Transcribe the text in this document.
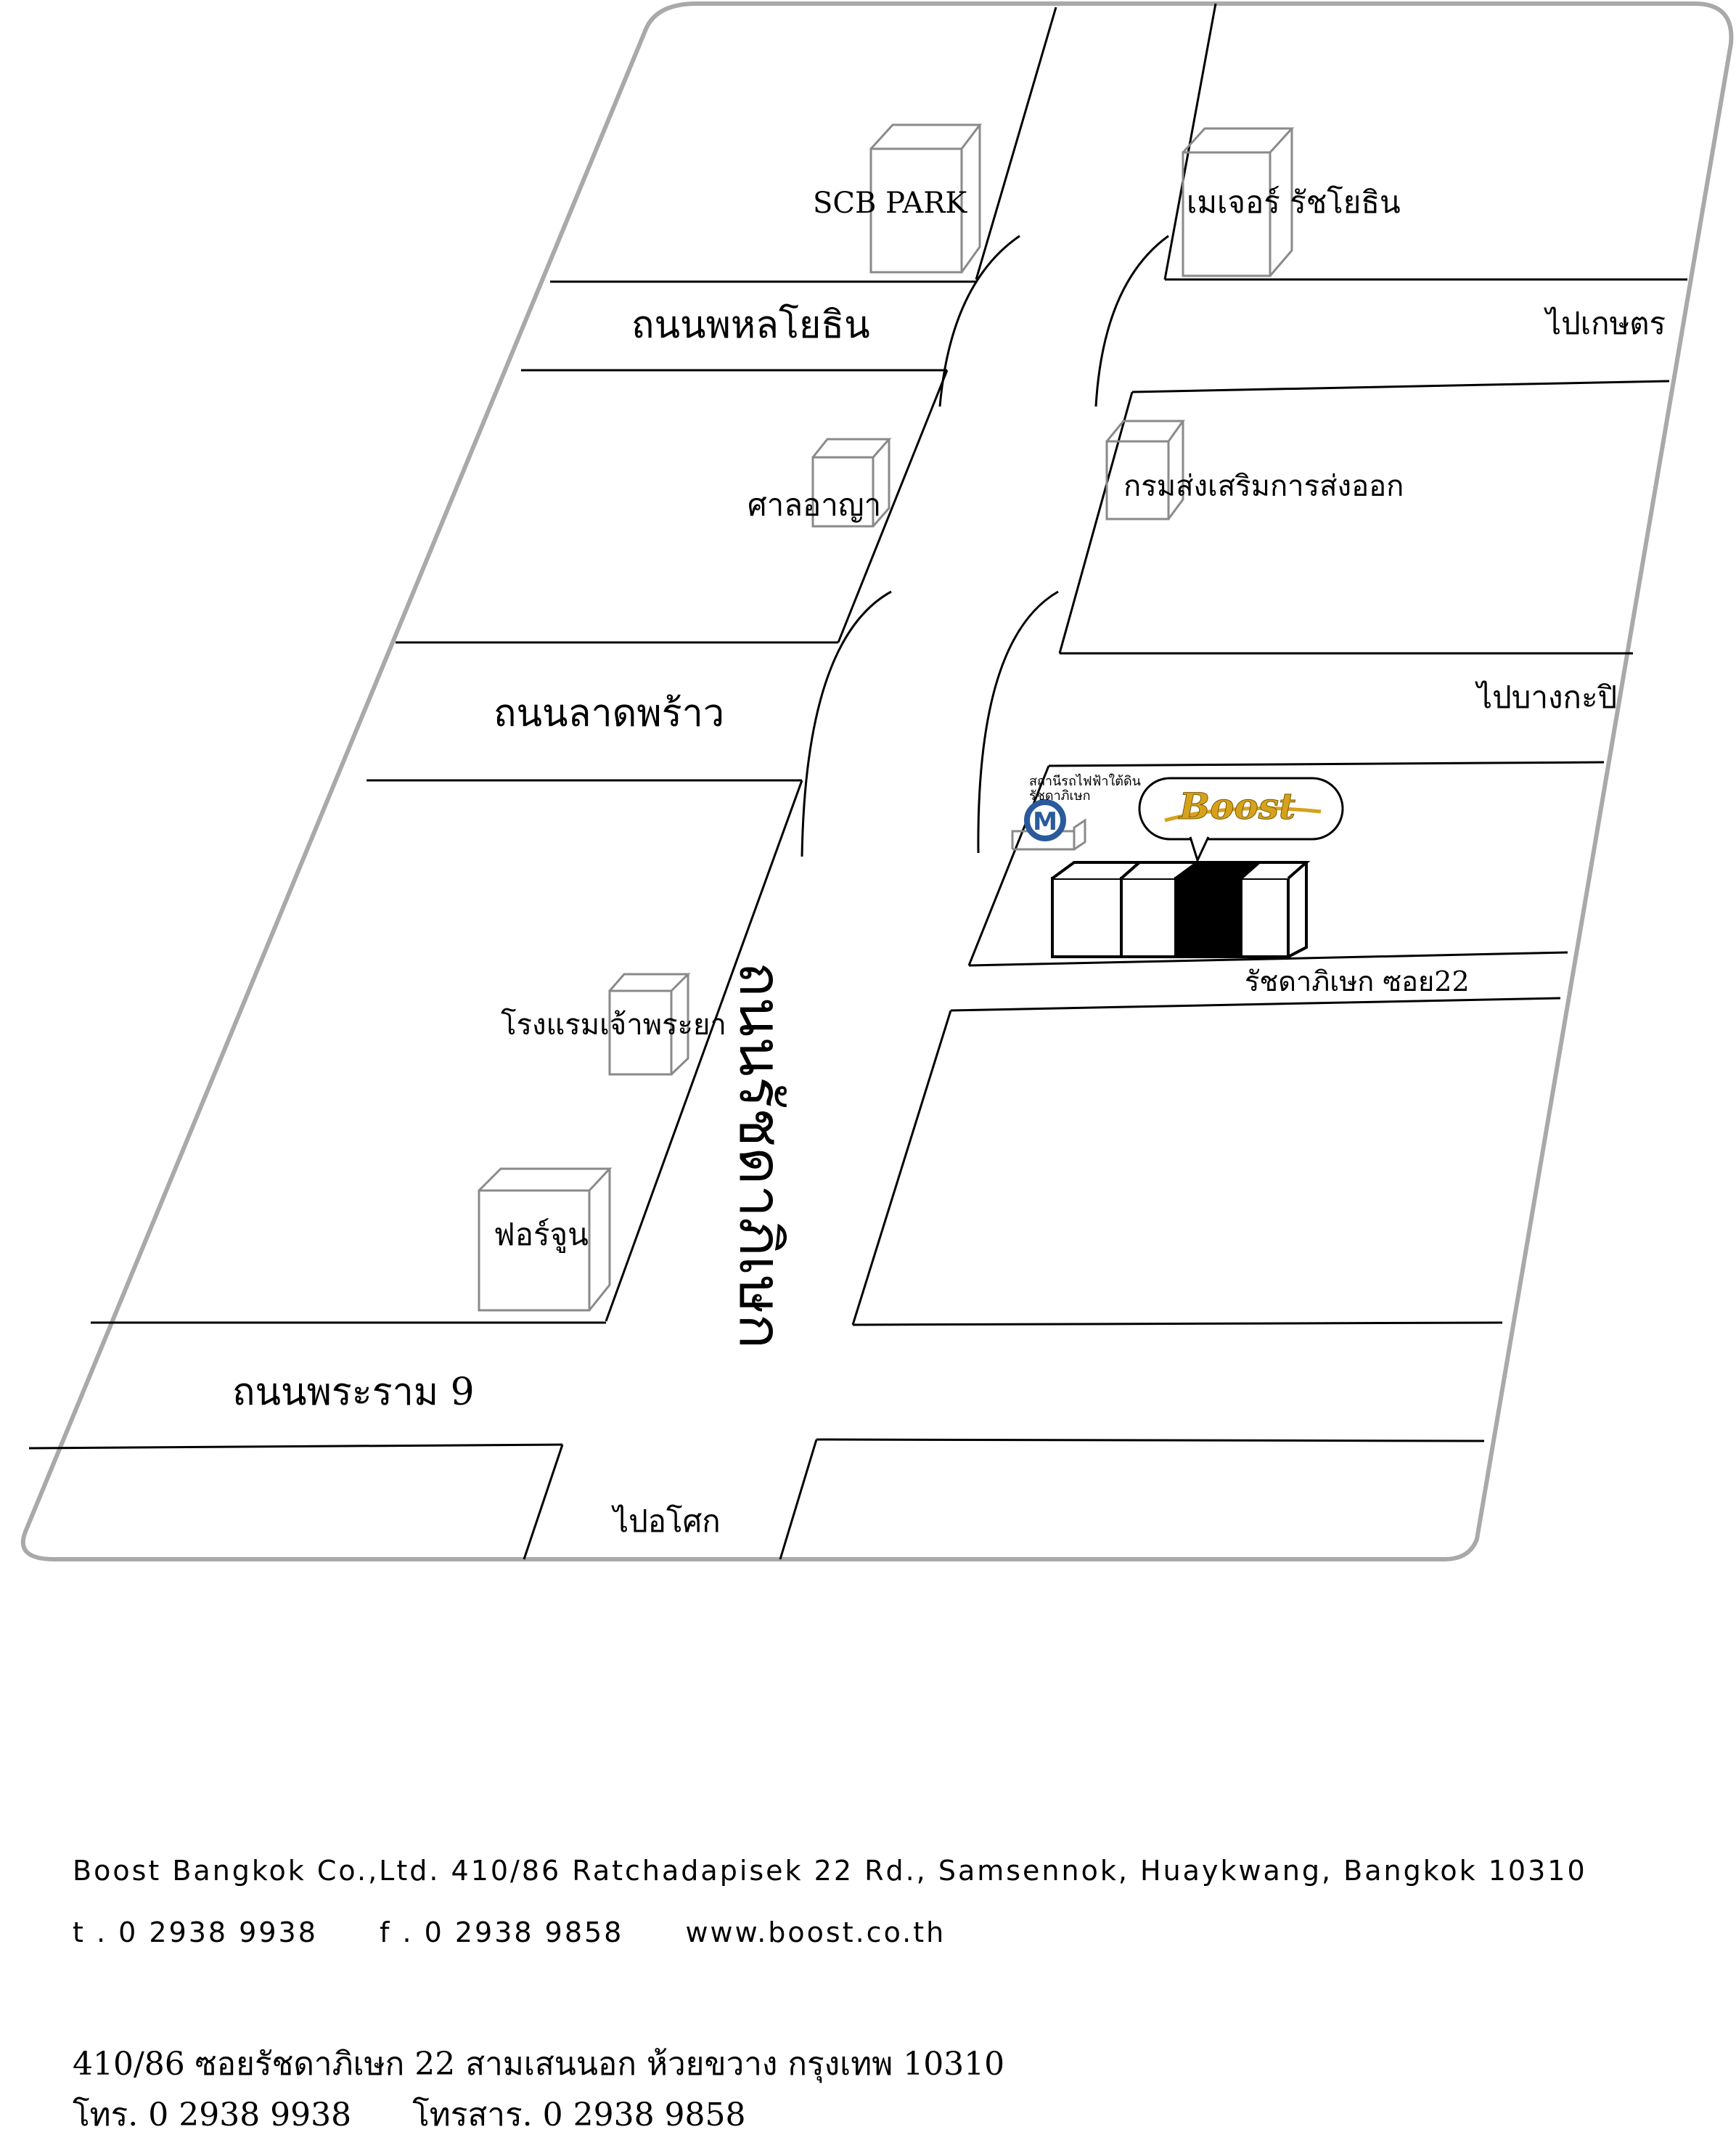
M
สถานีรถไฟฟ้าใต้ดิน
รัชดาภิเษก Boost
ถนนพหลโยธิน
ถนนลาดพร้าว
ถนนพระราม 9
รัชดาภิเษก ซอย22
ถนนรัชดาภิเษก
ไปเกษตร
ไปบางกะปิ
ไปอโศก
SCB PARK	เมเจอร์ รัชโยธิน
ศาลอาญา
กรมส่งเสริมการส่งออก
โรงแรมเจ้าพระยา
ฟอร์จูน
Boost Bangkok Co.,Ltd. 410/86 Ratchadapisek 22 Rd., Samsennok, Huaykwang, Bangkok 10310
t . 0 2938 9938 f . 0 2938 9858 www.boost.co.th
410/86 ซอยรัชดาภิเษก 22 สามเสนนอก ห้วยขวาง กรุงเทพ 10310
โทร. 0 2938 9938 โทรสาร. 0 2938 9858
